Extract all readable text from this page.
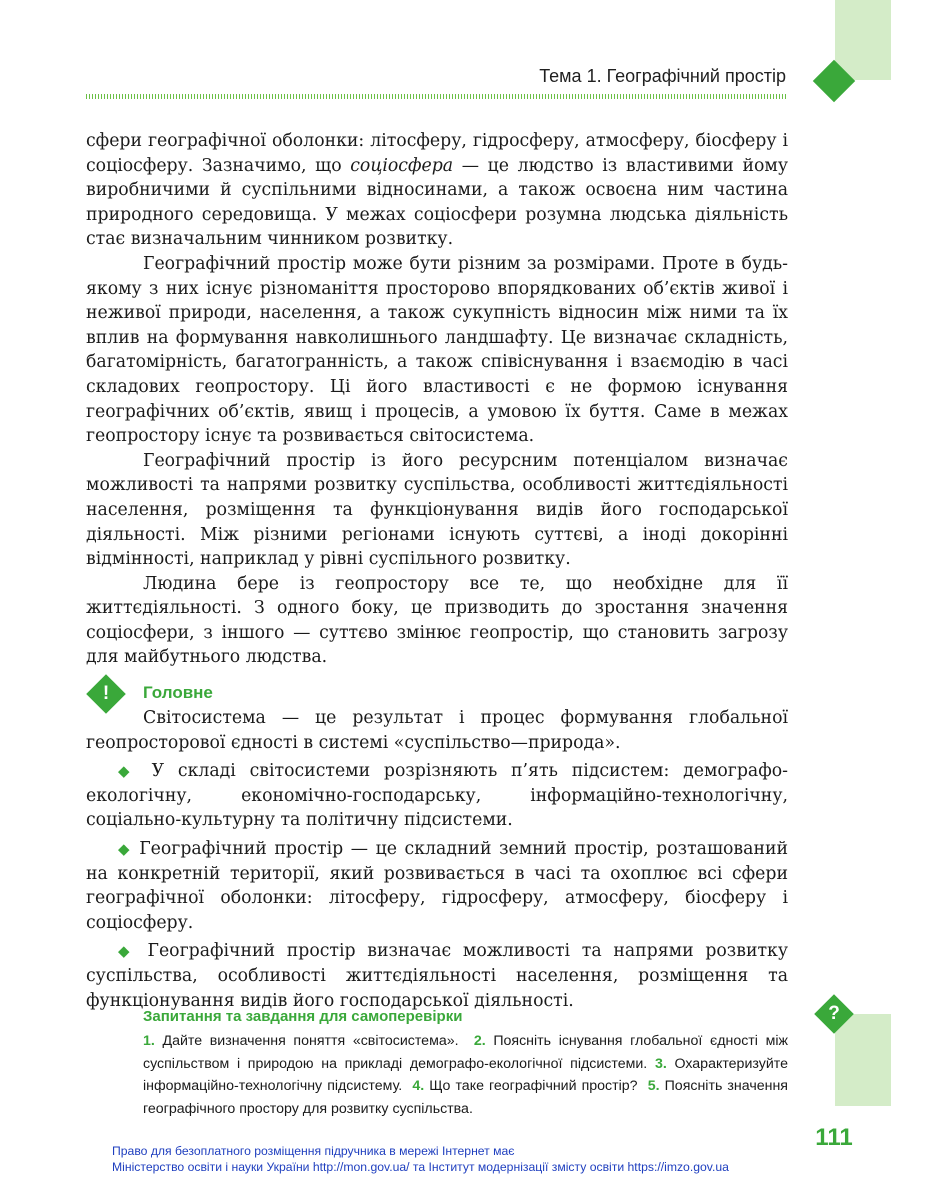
Тема 1. Географічний простір

сфери географічної оболонки: літосферу, гідросферу, атмосферу, біосферу і соціосферу. Зазначимо, що соціосфера — це людство із властивими йому виробничими й суспільними відносинами, а також освоєна ним частина природного середовища. У межах соціосфери розумна людська діяльність стає визначальним чинником розвитку.

Географічний простір може бути різним за розмірами. Проте в будь-якому з них існує різноманіття просторово впорядкованих об’єктів живої і неживої природи, населення, а також сукупність відносин між ними та їх вплив на формування навколишнього ландшафту. Це визначає складність, багатомірність, багатогранність, а також співіснування і взаємодію в часі складових геопростору. Ці його властивості є не формою існування географічних об’єктів, явищ і процесів, а умовою їх буття. Саме в межах геопростору існує та розвивається світосистема.

Географічний простір із його ресурсним потенціалом визначає можливості та напрями розвитку суспільства, особливості життєдіяльності населення, розміщення та функціонування видів його господарської діяльності. Між різними регіонами існують суттєві, а іноді докорінні відмінності, наприклад у рівні суспільного розвитку.

Людина бере із геопростору все те, що необхідне для її життєдіяльності. З одного боку, це призводить до зростання значення соціосфери, з іншого — суттєво змінює геопростір, що становить загрозу для майбутнього людства.

!	Головне

Світосистема — це результат і процес формування глобальної геопросторової єдності в системі «суспільство—природа».

◆ У складі світосистеми розрізняють п’ять підсистем: демографо-екологічну, економічно-господарську, інформаційно-технологічну, соціально-культурну та політичну підсистеми.

◆ Географічний простір — це складний земний простір, розташований на конкретній території, який розвивається в часі та охоплює всі сфери географічної оболонки: літосферу, гідросферу, атмосферу, біосферу і соціосферу.

◆ Географічний простір визначає можливості та напрями розвитку суспільства, особливості життєдіяльності населення, розміщення та функціонування видів його господарської діяльності.

?
Запитання та завдання для самоперевірки
1. Дайте визначення поняття «світосистема». 2. Поясніть існування глобальної єдності між суспільством і природою на прикладі демографо-екологічної підсистеми. 3. Охарактеризуйте інформаційно-технологічну підсистему. 4. Що таке географічний простір? 5. Поясніть значення географічного простору для розвитку суспільства.
111
Право для безоплатного розміщення підручника в мережі Інтернет має
Міністерство освіти і науки України http://mon.gov.ua/ та Інститут модернізації змісту освіти https://imzo.gov.ua
